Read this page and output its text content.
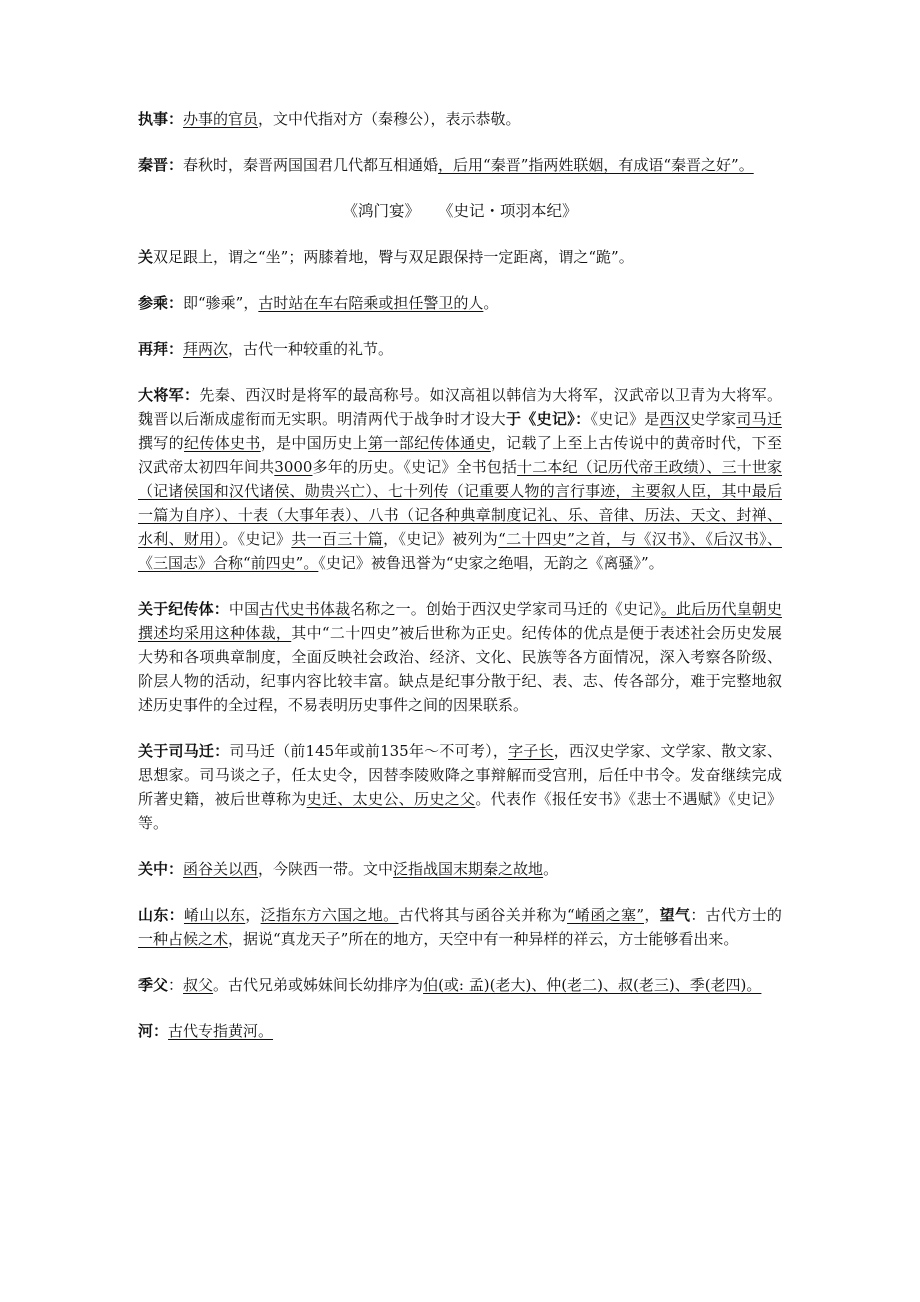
执事：办事的官员，文中代指对方（秦穆公），表示恭敬。

秦晋：春秋时，秦晋两国国君几代都互相通婚，后用“秦晋”指两姓联姻，有成语“秦晋之好”。

《鸿门宴》 《史记・项羽本纪》

关双足跟上，谓之“坐”；两膝着地，臀与双足跟保持一定距离，谓之“跪”。

参乘：即“骖乘”，古时站在车右陪乘或担任警卫的人。

再拜：拜两次，古代一种较重的礼节。

大将军：先秦、西汉时是将军的最高称号。如汉高祖以韩信为大将军，汉武帝以卫青为大将军。魏晋以后渐成虚衔而无实职。明清两代于战争时才设大于《史记》：《史记》是西汉史学家司马迁撰写的纪传体史书，是中国历史上第一部纪传体通史，记载了上至上古传说中的黄帝时代，下至汉武帝太初四年间共3000多年的历史。《史记》全书包括十二本纪（记历代帝王政绩）、三十世家（记诸侯国和汉代诸侯、勋贵兴亡）、七十列传（记重要人物的言行事迹，主要叙人臣，其中最后一篇为自序）、十表（大事年表）、八书（记各种典章制度记礼、乐、音律、历法、天文、封禅、水利、财用）。《史记》共一百三十篇，《史记》被列为“二十四史”之首，与《汉书》、《后汉书》、《三国志》合称“前四史”。《史记》被鲁迅誉为“史家之绝唱，无韵之《离骚》”。

关于纪传体：中国古代史书体裁名称之一。创始于西汉史学家司马迁的《史记》。此后历代皇朝史撰述均采用这种体裁，其中“二十四史”被后世称为正史。纪传体的优点是便于表述社会历史发展大势和各项典章制度，全面反映社会政治、经济、文化、民族等各方面情况，深入考察各阶级、阶层人物的活动，纪事内容比较丰富。缺点是纪事分散于纪、表、志、传各部分，难于完整地叙述历史事件的全过程，不易表明历史事件之间的因果联系。

关于司马迁：司马迁（前145年或前135年～不可考），字子长，西汉史学家、文学家、散文家、思想家。司马谈之子，任太史令，因替李陵败降之事辩解而受宫刑，后任中书令。发奋继续完成所著史籍，被后世尊称为史迁、太史公、历史之父。代表作《报任安书》《悲士不遇赋》《史记》等。

关中：函谷关以西，今陕西一带。文中泛指战国末期秦之故地。

山东：崤山以东，泛指东方六国之地。古代将其与函谷关并称为“崤函之塞”，望气：古代方士的一种占候之术，据说“真龙天子”所在的地方，天空中有一种异样的祥云，方士能够看出来。

季父：叔父。古代兄弟或姊妹间长幼排序为伯(或: 孟)(老大)、仲(老二)、叔(老三)、季(老四)。

河：古代专指黄河。
